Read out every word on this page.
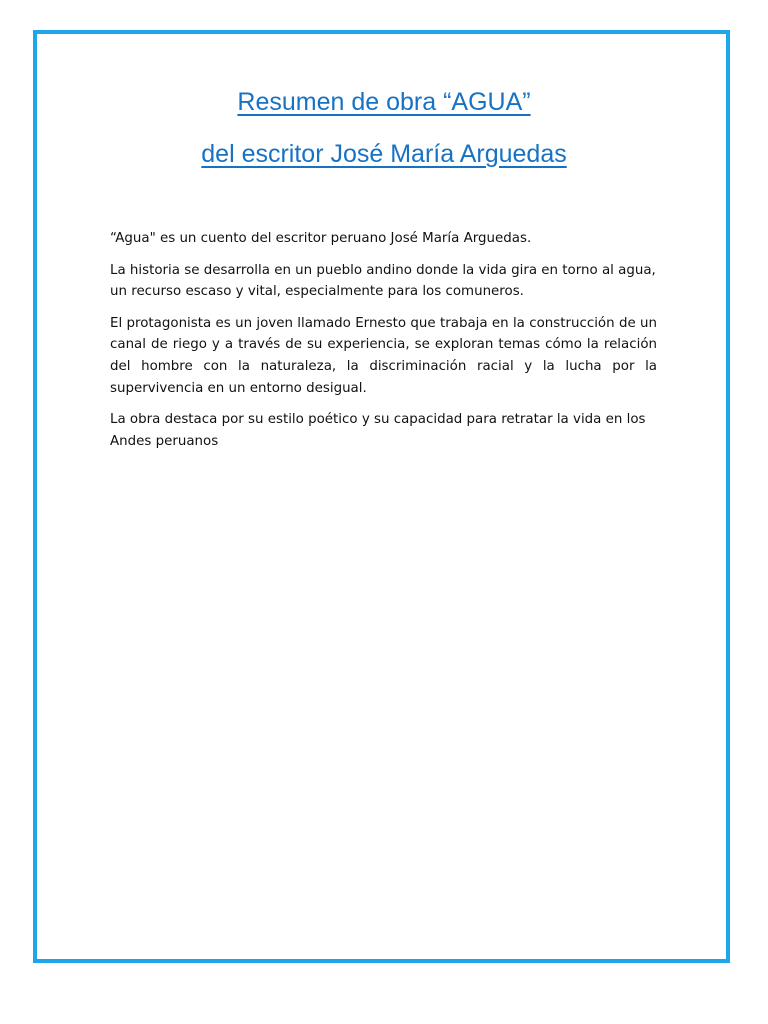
Resumen de obra “AGUA”
del escritor José María Arguedas

“Agua" es un cuento del escritor peruano José María Arguedas.

La historia se desarrolla en un pueblo andino donde la vida gira en torno al agua, un recurso escaso y vital, especialmente para los comuneros.

El protagonista es un joven llamado Ernesto que trabaja en la construcción de un canal de riego y a través de su experiencia, se exploran temas cómo la relación del hombre con la naturaleza, la discriminación racial y la lucha por la supervivencia en un entorno desigual.

La obra destaca por su estilo poético y su capacidad para retratar la vida en los Andes peruanos
